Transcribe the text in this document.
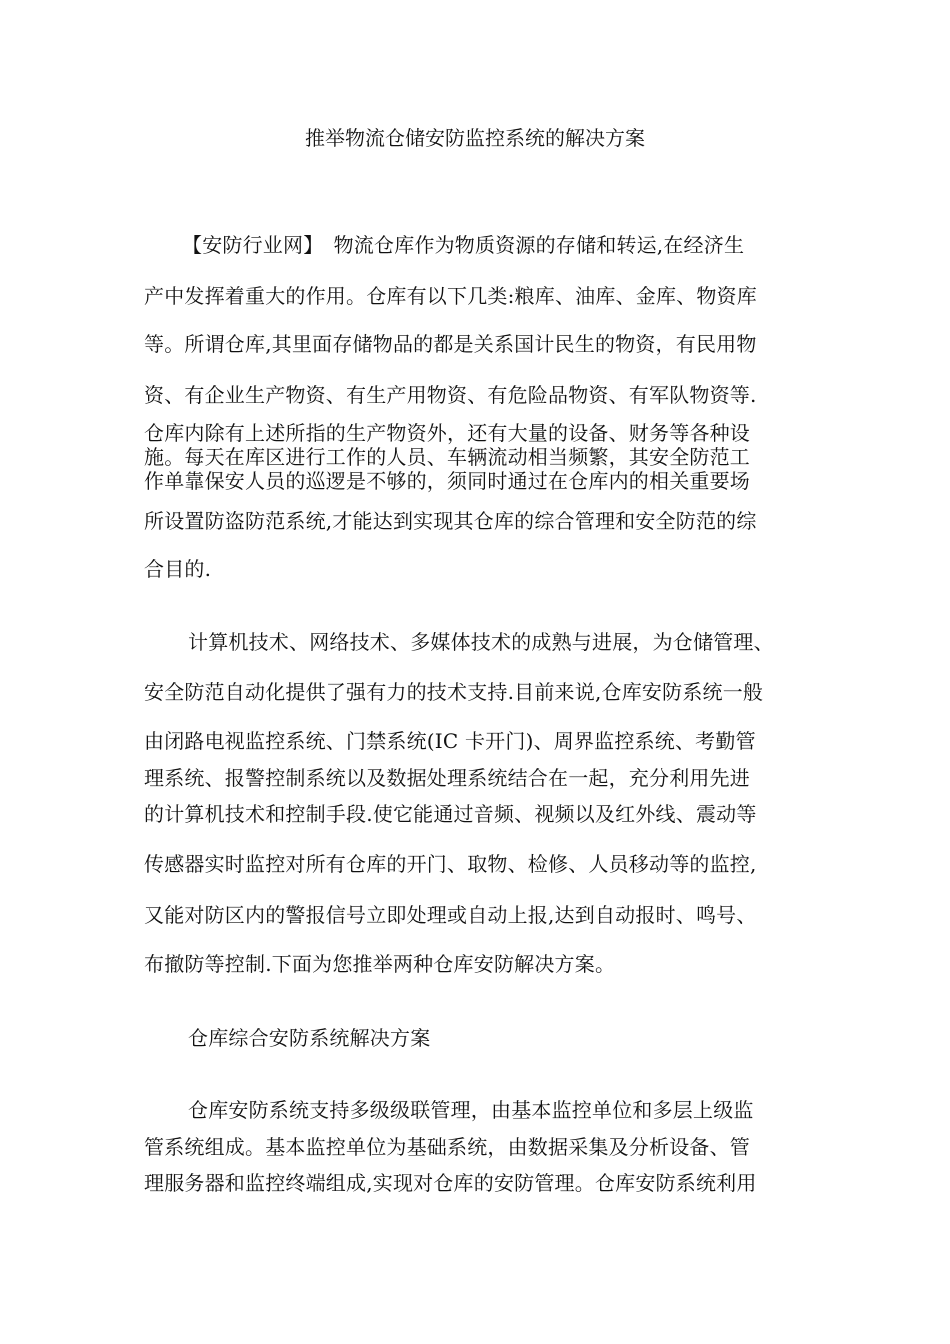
推举物流仓储安防监控系统的解决方案
【安防行业网】　物流仓库作为物质资源的存储和转运,在经济生
产中发挥着重大的作用。仓库有以下几类:粮库、油库、金库、物资库
等。所谓仓库,其里面存储物品的都是关系国计民生的物资，有民用物
资、有企业生产物资、有生产用物资、有危险品物资、有军队物资等.
仓库内除有上述所指的生产物资外，还有大量的设备、财务等各种设
施。每天在库区进行工作的人员、车辆流动相当频繁，其安全防范工
作单靠保安人员的巡逻是不够的，须同时通过在仓库内的相关重要场
所设置防盗防范系统,才能达到实现其仓库的综合管理和安全防范的综
合目的.
计算机技术、网络技术、多媒体技术的成熟与进展，为仓储管理、
安全防范自动化提供了强有力的技术支持.目前来说,仓库安防系统一般
由闭路电视监控系统、门禁系统(IC 卡开门)、周界监控系统、考勤管
理系统、报警控制系统以及数据处理系统结合在一起，充分利用先进
的计算机技术和控制手段.使它能通过音频、视频以及红外线、震动等
传感器实时监控对所有仓库的开门、取物、检修、人员移动等的监控,
又能对防区内的警报信号立即处理或自动上报,达到自动报时、鸣号、
布撤防等控制.下面为您推举两种仓库安防解决方案。
仓库综合安防系统解决方案
仓库安防系统支持多级级联管理，由基本监控单位和多层上级监
管系统组成。基本监控单位为基础系统，由数据采集及分析设备、管
理服务器和监控终端组成,实现对仓库的安防管理。仓库安防系统利用
